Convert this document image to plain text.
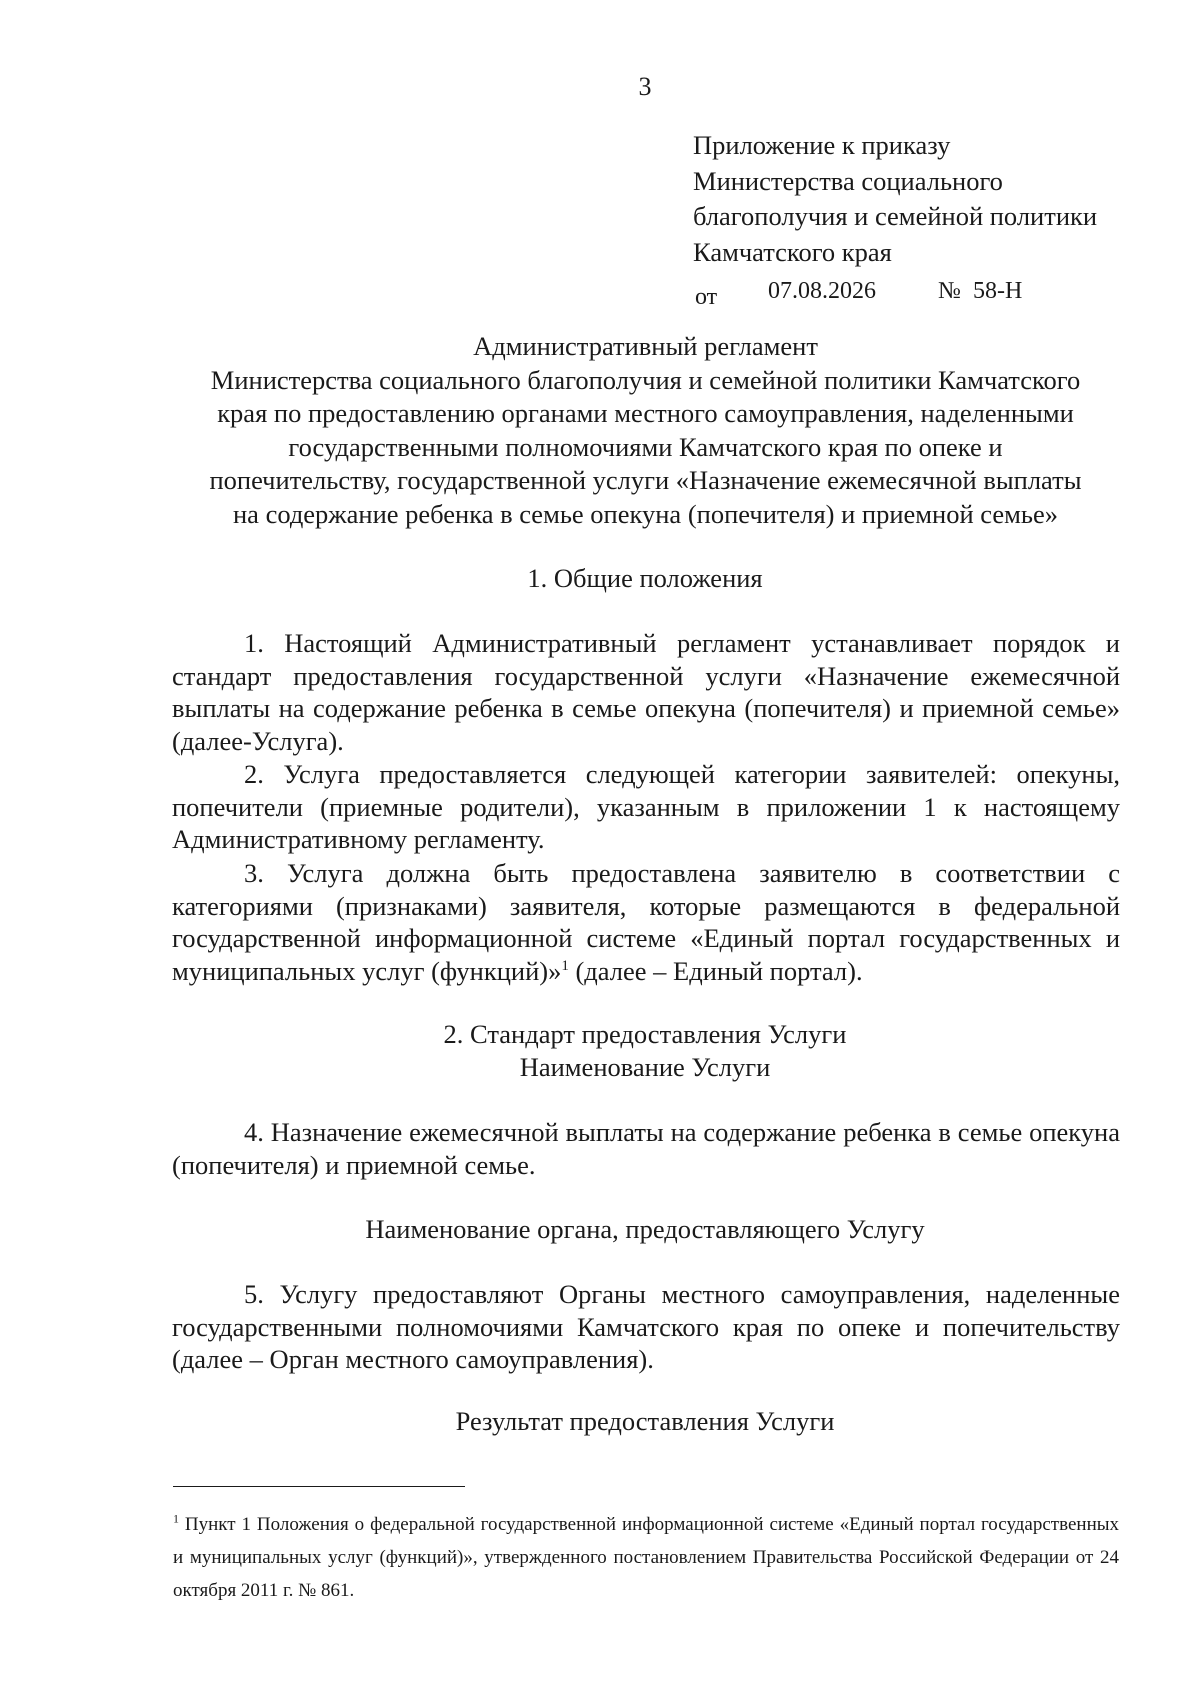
3
Приложение к приказу
Министерства социального
благополучия и семейной политики
Камчатского края
от 07.08.2026	№ 58-Н
Административный регламент
Министерства социального благополучия и семейной политики Камчатского
края по предоставлению органами местного самоуправления, наделенными
государственными полномочиями Камчатского края по опеке и
попечительству, государственной услуги «Назначение ежемесячной выплаты
на содержание ребенка в семье опекуна (попечителя) и приемной семье»
1. Общие положения
1. Настоящий Административный регламент устанавливает порядок и стандарт предоставления государственной услуги «Назначение ежемесячной выплаты на содержание ребенка в семье опекуна (попечителя) и приемной семье» (далее-Услуга).
2. Услуга предоставляется следующей категории заявителей: опекуны, попечители (приемные родители), указанным в приложении 1 к настоящему Административному регламенту.
3. Услуга должна быть предоставлена заявителю в соответствии с категориями (признаками) заявителя, которые размещаются в федеральной государственной информационной системе «Единый портал государственных и муниципальных услуг (функций)»$^1$ (далее – Единый портал).
2. Стандарт предоставления Услуги
Наименование Услуги
4. Назначение ежемесячной выплаты на содержание ребенка в семье опекуна (попечителя) и приемной семье.
Наименование органа, предоставляющего Услугу
5. Услугу предоставляют Органы местного самоуправления, наделенные государственными полномочиями Камчатского края по опеке и попечительству (далее – Орган местного самоуправления).
Результат предоставления Услуги
$^1$ Пункт 1 Положения о федеральной государственной информационной системе «Единый портал государственных и муниципальных услуг (функций)», утвержденного постановлением Правительства Российской Федерации от 24 октября 2011 г. № 861.
